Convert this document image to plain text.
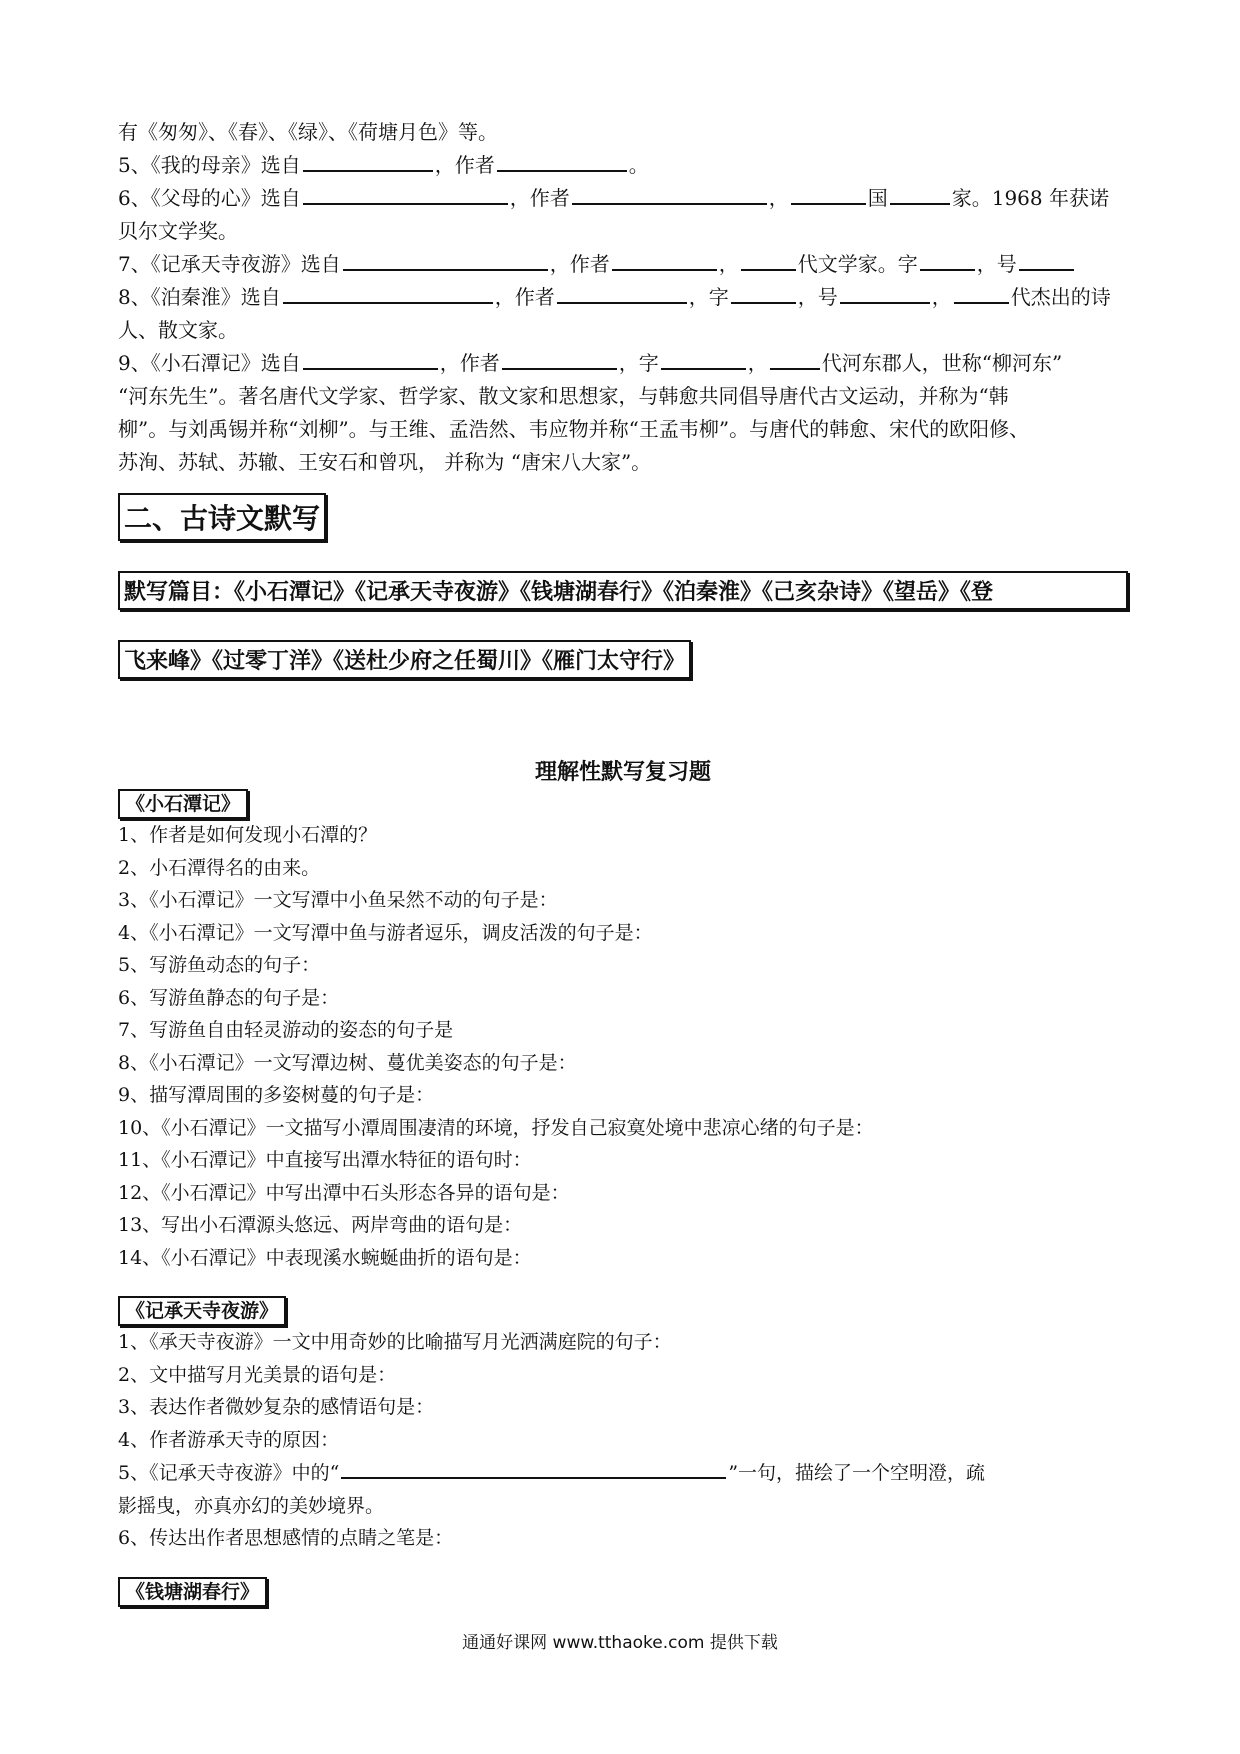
有《匆匆》、《春》、《绿》、《荷塘月色》等。
5、《我的母亲》选自	，作者	。
6、《父母的心》选自	，作者	，	国	家。1968 年获诺
贝尔文学奖。
7、《记承天寺夜游》选自	，作者	，	代文学家。字	，号
8、《泊秦淮》选自	，作者	，字	，号	，	代杰出的诗
人、散文家。
9、《小石潭记》选自	，作者	，字	，	代河东郡人，世称“柳河东”
“河东先生”。著名唐代文学家、哲学家、散文家和思想家，与韩愈共同倡导唐代古文运动，并称为“韩
柳”。与刘禹锡并称“刘柳”。与王维、孟浩然、韦应物并称“王孟韦柳”。与唐代的韩愈、宋代的欧阳修、
苏洵、苏轼、苏辙、王安石和曾巩， 并称为 “唐宋八大家”。
二、古诗文默写
默写篇目：《小石潭记》《记承天寺夜游》《钱塘湖春行》《泊秦淮》《己亥杂诗》《望岳》《登
飞来峰》《过零丁洋》《送杜少府之任蜀川》《雁门太守行》
理解性默写复习题
《小石潭记》
1、作者是如何发现小石潭的？
2、小石潭得名的由来。
3、《小石潭记》一文写潭中小鱼呆然不动的句子是：
4、《小石潭记》一文写潭中鱼与游者逗乐，调皮活泼的句子是：
5、写游鱼动态的句子：
6、写游鱼静态的句子是：
7、写游鱼自由轻灵游动的姿态的句子是
8、《小石潭记》一文写潭边树、蔓优美姿态的句子是：
9、描写潭周围的多姿树蔓的句子是：
10、《小石潭记》一文描写小潭周围凄清的环境，抒发自己寂寞处境中悲凉心绪的句子是：
11、《小石潭记》中直接写出潭水特征的语句时：
12、《小石潭记》中写出潭中石头形态各异的语句是：
13、写出小石潭源头悠远、两岸弯曲的语句是：
14、《小石潭记》中表现溪水蜿蜒曲折的语句是：
《记承天寺夜游》
1、《承天寺夜游》一文中用奇妙的比喻描写月光洒满庭院的句子：
2、文中描写月光美景的语句是：
3、表达作者微妙复杂的感情语句是：
4、作者游承天寺的原因：
5、《记承天寺夜游》中的“	”一句，描绘了一个空明澄，疏
影摇曳，亦真亦幻的美妙境界。
6、传达出作者思想感情的点睛之笔是：
《钱塘湖春行》
通通好课网 www.tthaoke.com 提供下载
